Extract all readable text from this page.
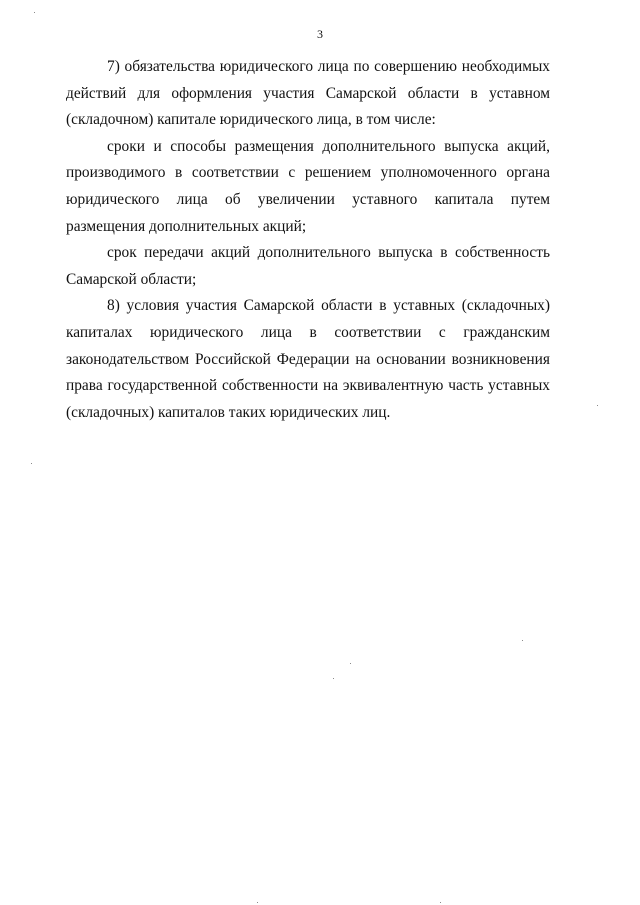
3

7) обязательства юридического лица по совершению необходимых действий для оформления участия Самарской области в уставном (складочном) капитале юридического лица, в том числе:

сроки и способы размещения дополнительного выпуска акций, производимого в соответствии с решением уполномоченного органа юридического лица об увеличении уставного капитала путем размещения дополнительных акций;

срок передачи акций дополнительного выпуска в собственность Самарской области;

8) условия участия Самарской области в уставных (складочных) капиталах юридического лица в соответствии с гражданским законодательством Российской Федерации на основании возникновения права государственной собственности на эквивалентную часть уставных (складочных) капиталов таких юридических лиц.
